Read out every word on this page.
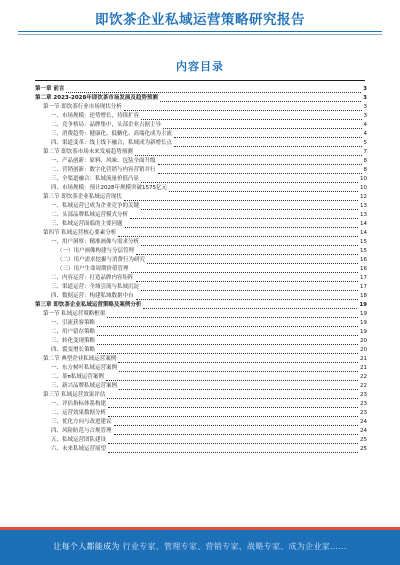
即饮茶企业私域运营策略研究报告
内容目录
第一章 前言	3
第二章 2023-2028年即饮茶市场发展及趋势预测	3
第一节 即饮茶行业市场现状分析	3
一、市场规模：逆势增长，持续扩容	3
二、竞争格局：品牌集中，头部企业占据主导	4
三、消费趋势：健康化、低糖化、高端化成为主流	4
四、渠道变革：线上线下融合，私域成为新增长点	5
第二节 即饮茶市场未来发展趋势预测	7
一、产品创新：原料、风味、包装全面升级	8
二、营销创新：数字化营销与内容营销并行	8
三、全渠道融合：私域流量价值凸显	10
四、市场规模：预计2028年规模突破1575亿元	10
第三节 即饮茶企业私域运营现状	12
一、私域运营已成为企业竞争的关键	13
二、头部品牌私域运营模式分析	13
三、私域运营面临的主要问题	14
第四节 私域运营核心要素分析	14
一、用户洞察：精准画像与需求分析	15
（一）用户画像构建与分层管理	15
（二）用户需求挖掘与消费行为研究	16
（三）用户生命周期价值管理	16
二、内容运营：打造品牌内容矩阵	17
三、渠道运营：全域引流与私域沉淀	17
四、数据运营：构建私域数据中台	18
第三章 即饮茶企业私域运营策略及案例分析	19
第一节 私域运营策略框架	19
一、引流获客策略	19
二、用户留存策略	19
三、转化变现策略	20
四、裂变增长策略	20
第二节 典型企业私域运营案例	21
一、东方树叶私域运营案例	21
二、茶π私域运营案例	22
三、新兴品牌私域运营案例	22
第三节 私域运营效果评估	23
一、评估指标体系构建	23
二、运营效果数据分析	23
三、优化方向与改进建议	24
四、风险防范与合规管理	24
五、私域运营团队建设	25
六、未来私域运营展望	25
让每个人都能成为 行业专家、管理专家、营销专家、战略专家、成为企业家……
